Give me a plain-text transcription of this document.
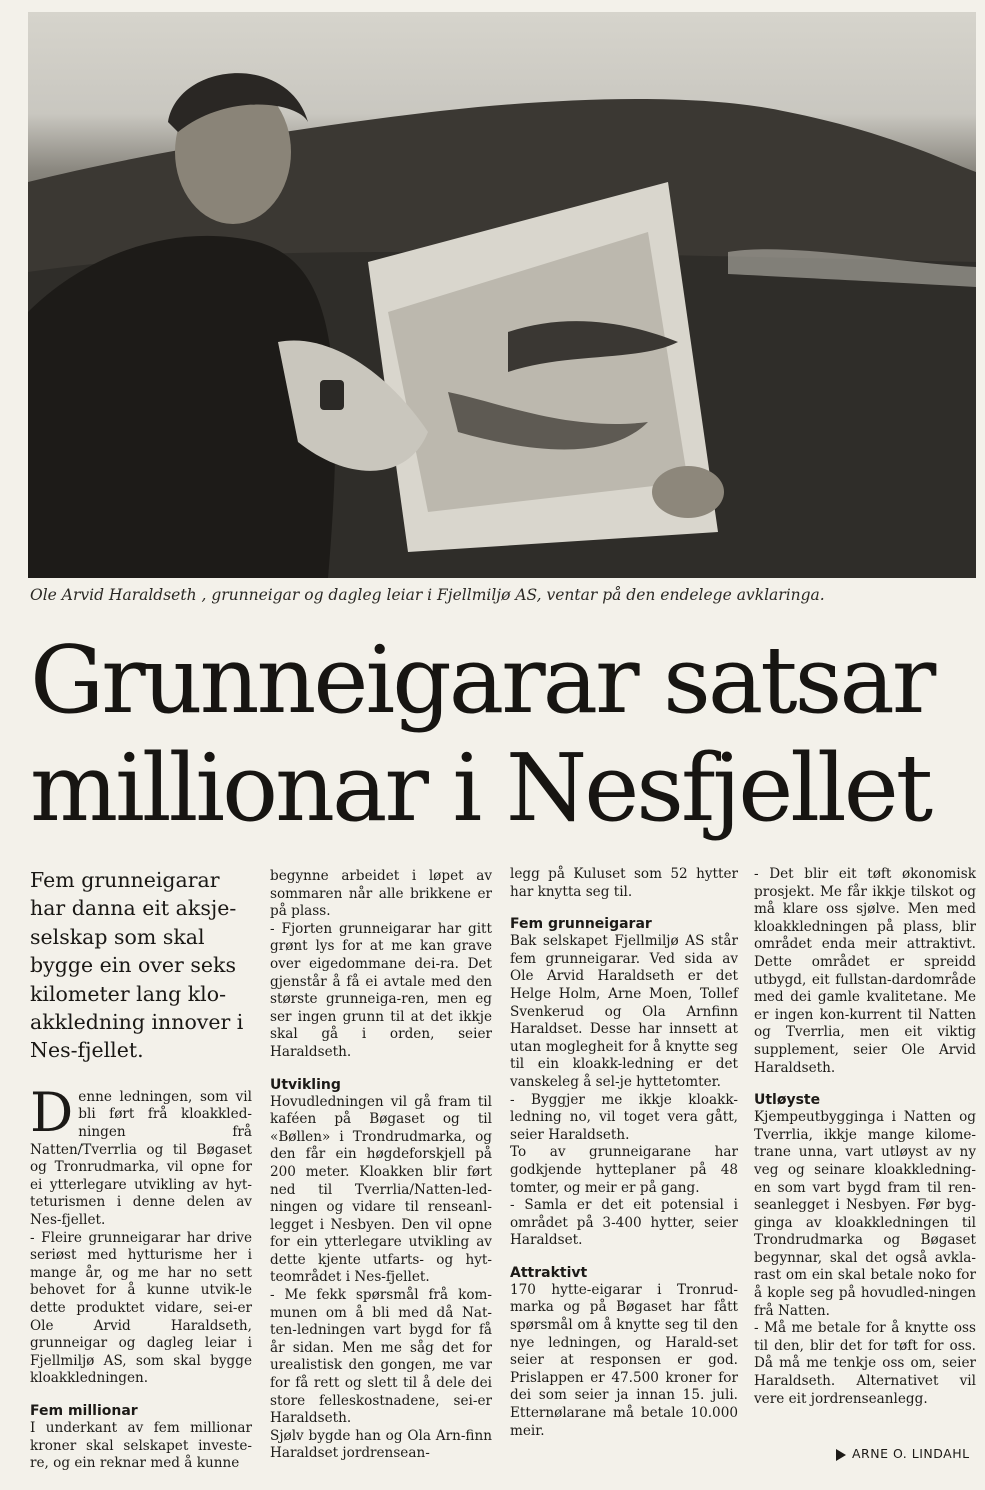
Ole Arvid Haraldseth , grunneigar og dagleg leiar i Fjellmiljø AS, ventar på den endelege avklaringa.
Grunneigarar satsar
millionar i Nesfjellet

Fem grunneigarar har danna eit aksje-selskap som skal bygge ein over seks kilometer lang klo-akkledning innover i Nes-fjellet.

Denne ledningen, som vil bli ført frå kloakkled-ningen frå Natten/Tverrlia og til Bøgaset og Tronrudmarka, vil opne for ei ytterlegare utvikling av hyt-teturismen i denne delen av Nes-fjellet.

- Fleire grunneigarar har drive seriøst med hytturisme her i mange år, og me har no sett behovet for å kunne utvik-le dette produktet vidare, sei-er Ole Arvid Haraldseth, grunneigar og dagleg leiar i Fjellmiljø AS, som skal bygge kloakkledningen.

Fem millionar

I underkant av fem millionar kroner skal selskapet investe-re, og ein reknar med å kunne

begynne arbeidet i løpet av sommaren når alle brikkene er på plass.

- Fjorten grunneigarar har gitt grønt lys for at me kan grave over eigedommane dei-ra. Det gjenstår å få ei avtale med den største grunneiga-ren, men eg ser ingen grunn til at det ikkje skal gå i orden, seier Haraldseth.

Utvikling

Hovudledningen vil gå fram til kaféen på Bøgaset og til «Bøllen» i Trondrudmarka, og den får ein høgdeforskjell på 200 meter. Kloakken blir ført ned til Tverrlia/Natten-led-ningen og vidare til renseanl-legget i Nesbyen. Den vil opne for ein ytterlegare utvikling av dette kjente utfarts- og hyt-teområdet i Nes-fjellet.

- Me fekk spørsmål frå kom-munen om å bli med då Nat-ten-ledningen vart bygd for få år sidan. Men me såg det for urealistisk den gongen, me var for få rett og slett til å dele dei store felleskostnadene, sei-er Haraldseth.

Sjølv bygde han og Ola Arn-finn Haraldset jordrensean-

legg på Kuluset som 52 hytter har knytta seg til.

Fem grunneigarar

Bak selskapet Fjellmiljø AS står fem grunneigarar. Ved sida av Ole Arvid Haraldseth er det Helge Holm, Arne Moen, Tollef Svenkerud og Ola Arnfinn Haraldset. Desse har innsett at utan moglegheit for å knytte seg til ein kloakk-ledning er det vanskeleg å sel-je hyttetomter.

- Byggjer me ikkje kloakk-ledning no, vil toget vera gått, seier Haraldseth.

To av grunneigarane har godkjende hytteplaner på 48 tomter, og meir er på gang.

- Samla er det eit potensial i området på 3-400 hytter, seier Haraldset.

Attraktivt

170 hytte-eigarar i Tronrud-marka og på Bøgaset har fått spørsmål om å knytte seg til den nye ledningen, og Harald-set seier at responsen er god. Prislappen er 47.500 kroner for dei som seier ja innan 15. juli. Etternølarane må betale 10.000 meir.

- Det blir eit tøft økonomisk prosjekt. Me får ikkje tilskot og må klare oss sjølve. Men med kloakkledningen på plass, blir området enda meir attraktivt. Dette området er spreidd utbygd, eit fullstan-dardområde med dei gamle kvalitetane. Me er ingen kon-kurrent til Natten og Tverrlia, men eit viktig supplement, seier Ole Arvid Haraldseth.

Utløyste

Kjempeutbygginga i Natten og Tverrlia, ikkje mange kilome-trane unna, vart utløyst av ny veg og seinare kloakkledning-en som vart bygd fram til ren-seanlegget i Nesbyen. Før byg-ginga av kloakkledningen til Trondrudmarka og Bøgaset begynnar, skal det også avkla-rast om ein skal betale noko for å kople seg på hovudled-ningen frå Natten.

- Må me betale for å knytte oss til den, blir det for tøft for oss. Då må me tenkje oss om, seier Haraldseth. Alternativet vil vere eit jordrenseanlegg.

ARNE O. LINDAHL
